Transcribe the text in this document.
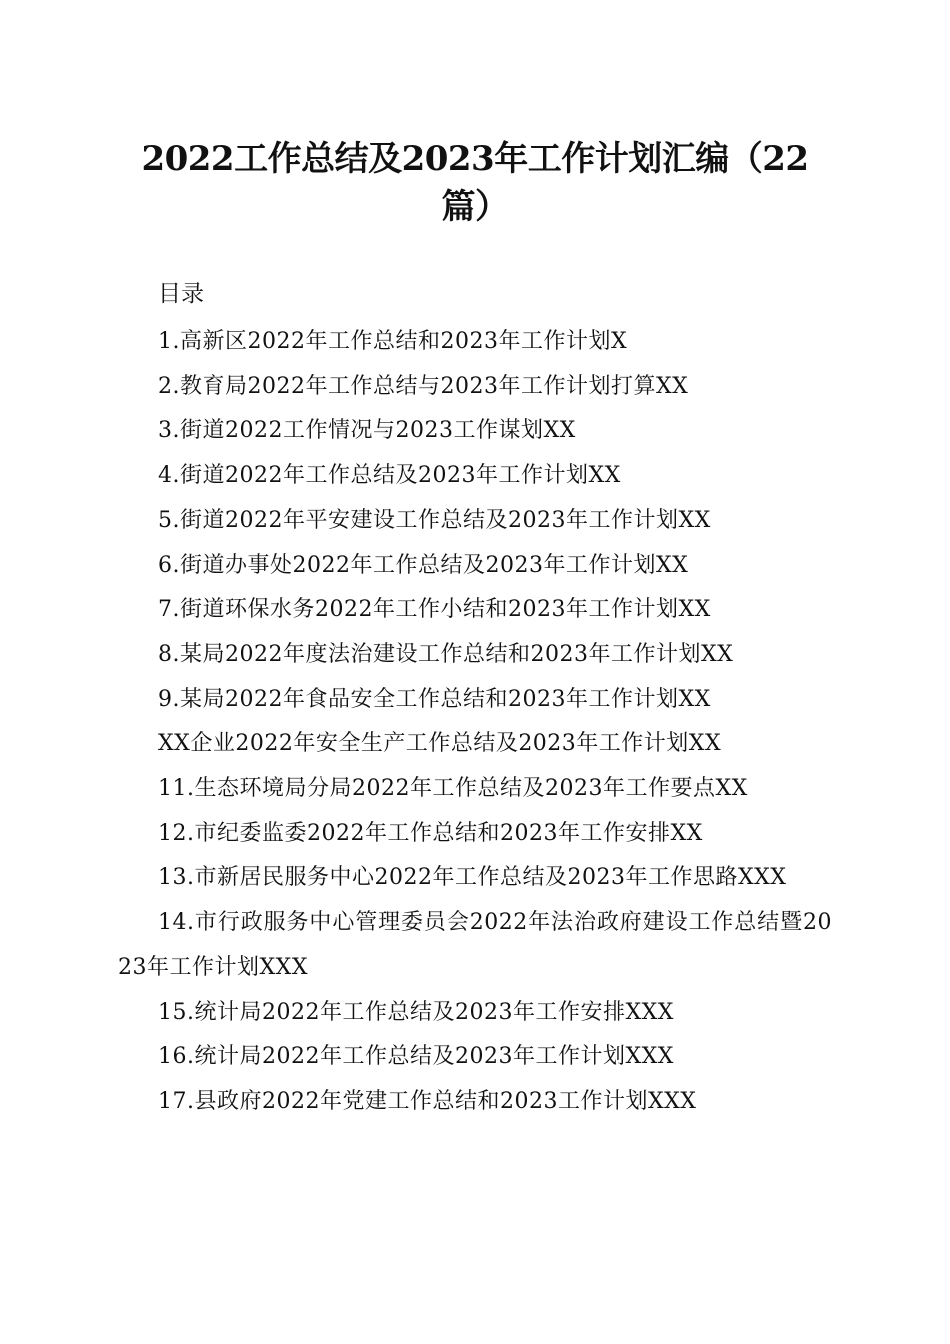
2022工作总结及2023年工作计划汇编（22篇）

目录

1.高新区2022年工作总结和2023年工作计划X
2.教育局2022年工作总结与2023年工作计划打算XX
3.街道2022工作情况与2023工作谋划XX
4.街道2022年工作总结及2023年工作计划XX
5.街道2022年平安建设工作总结及2023年工作计划XX
6.街道办事处2022年工作总结及2023年工作计划XX
7.街道环保水务2022年工作小结和2023年工作计划XX
8.某局2022年度法治建设工作总结和2023年工作计划XX
9.某局2022年食品安全工作总结和2023年工作计划XX
XX企业2022年安全生产工作总结及2023年工作计划XX
11.生态环境局分局2022年工作总结及2023年工作要点XX
12.市纪委监委2022年工作总结和2023年工作安排XX
13.市新居民服务中心2022年工作总结及2023年工作思路XXX
14.市行政服务中心管理委员会2022年法治政府建设工作总结暨2023年工作计划XXX
15.统计局2022年工作总结及2023年工作安排XXX
16.统计局2022年工作总结及2023年工作计划XXX
17.县政府2022年党建工作总结和2023工作计划XXX
